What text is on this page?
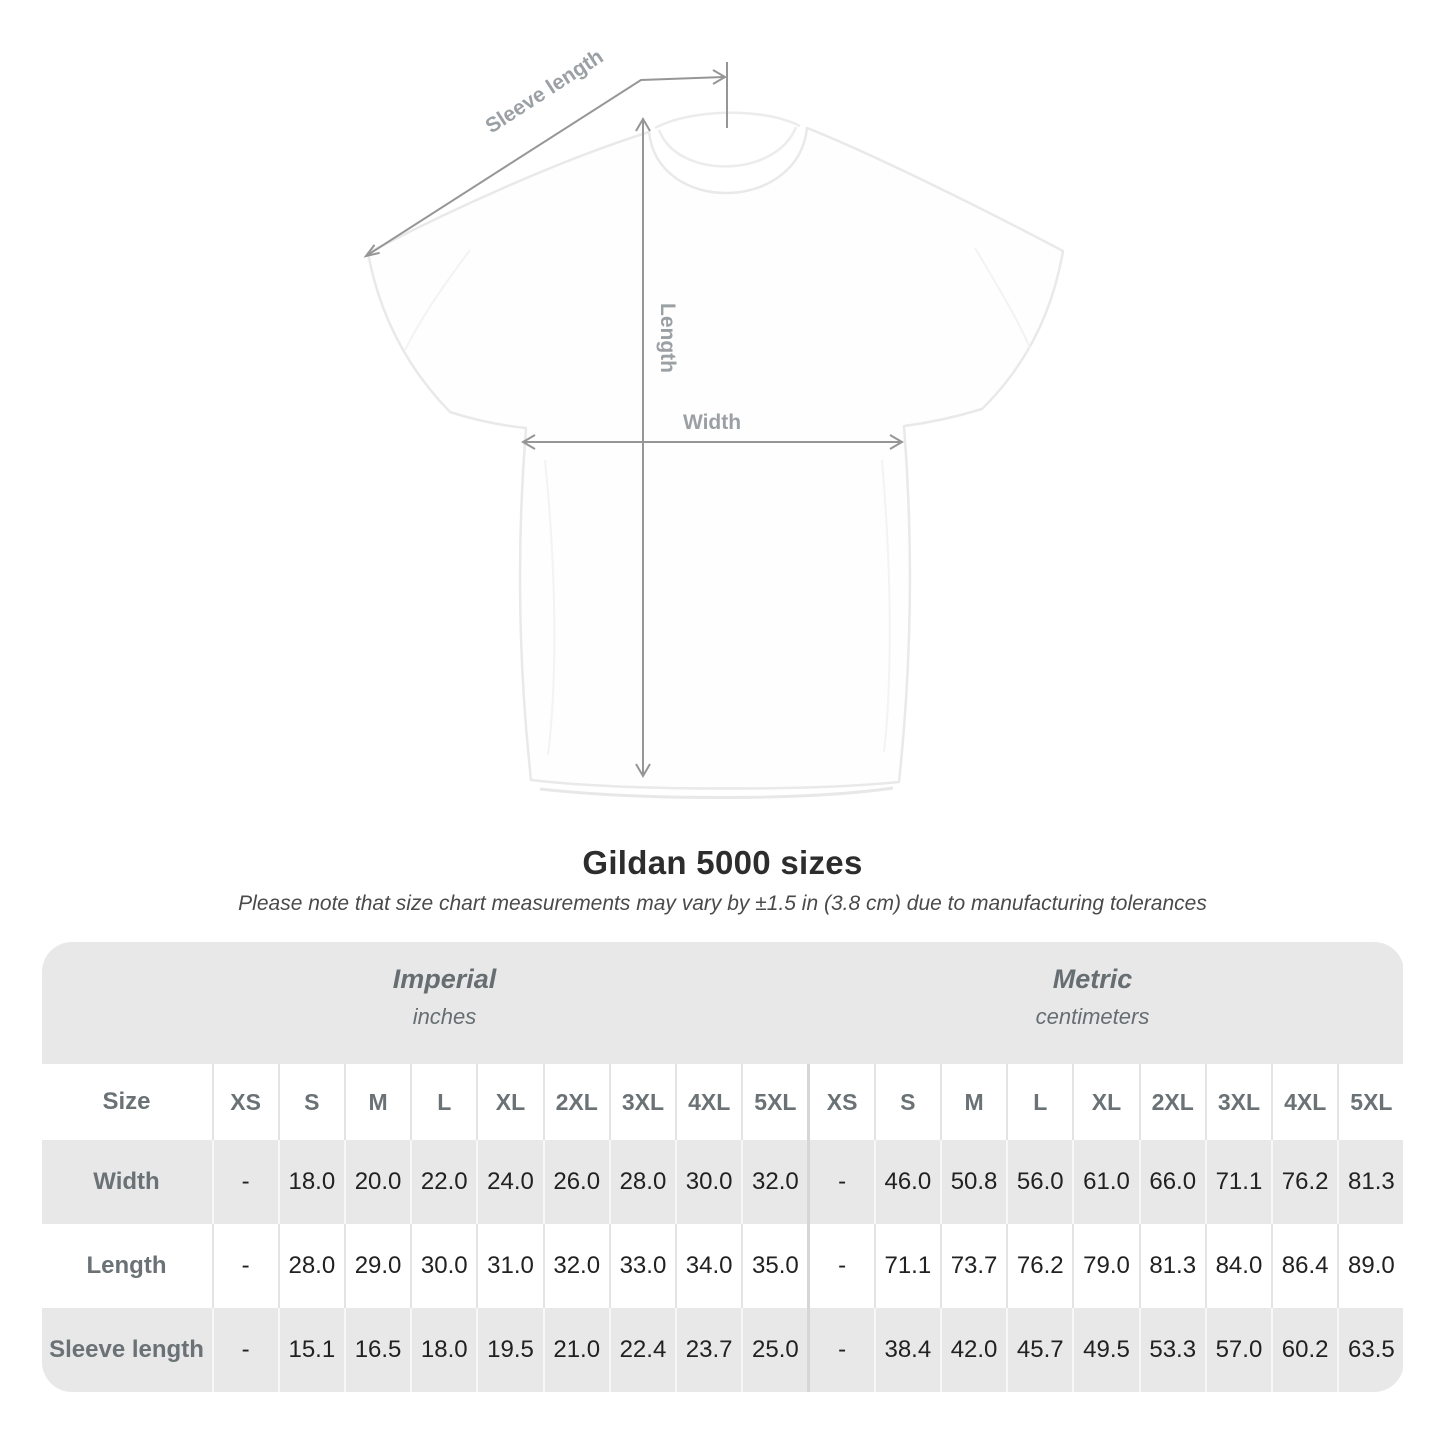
Width
Length
Sleeve length
Gildan 5000 sizes

Please note that size chart measurements may vary by ±1.5 in (3.8 cm) due to manufacturing tolerances

Imperial
inches
Metric
centimeters
Size	XS	S	M	L	XL	2XL	3XL	4XL	5XL	XS	S	M	L	XL	2XL	3XL	4XL	5XL
Width	-	18.0 20.0 22.0 24.0 26.0 28.0 30.0 32.0	-	46.0 50.8 56.0 61.0 66.0 71.1 76.2 81.3
Length	-	28.0 29.0 30.0 31.0 32.0 33.0 34.0 35.0	-	71.1 73.7 76.2 79.0 81.3 84.0 86.4 89.0
Sleeve length	-	15.1 16.5 18.0 19.5 21.0 22.4 23.7 25.0	-	38.4 42.0 45.7 49.5 53.3 57.0 60.2 63.5
